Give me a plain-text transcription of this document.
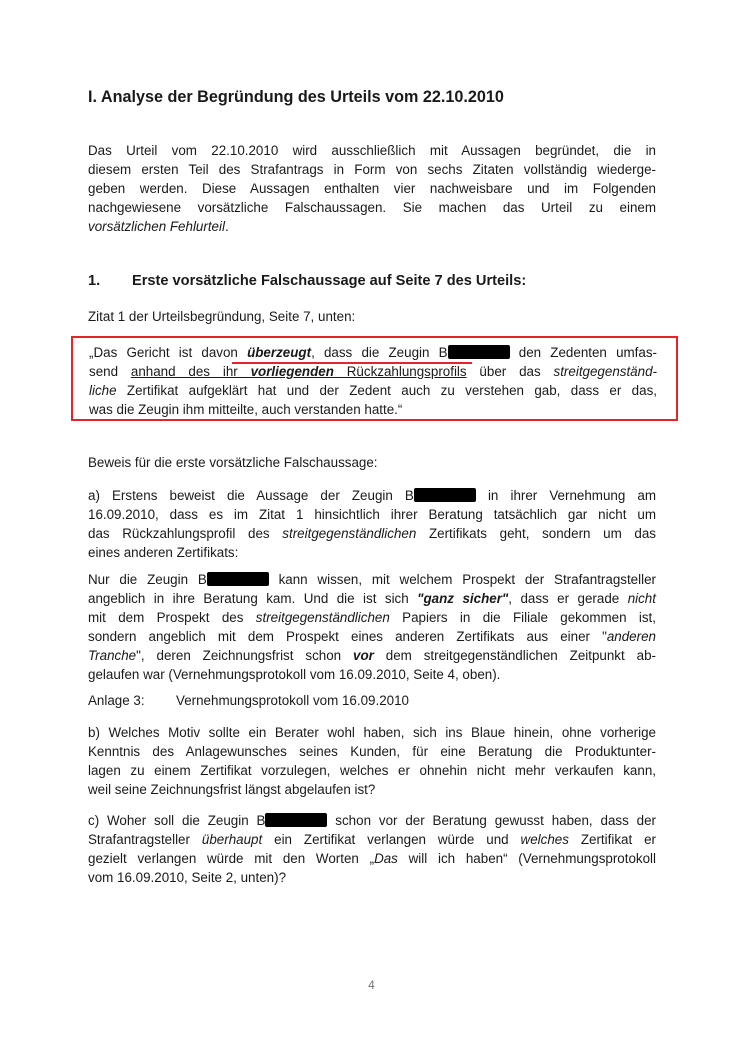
I. Analyse der Begründung des Urteils vom 22.10.2010
Das Urteil vom 22.10.2010 wird ausschließlich mit Aussagen begründet, die in
diesem ersten Teil des Strafantrags in Form von sechs Zitaten vollständig wiederge-
geben werden. Diese Aussagen enthalten vier nachweisbare und im Folgenden
nachgewiesene vorsätzliche Falschaussagen. Sie machen das Urteil zu einem
vorsätzlichen Fehlurteil.
1. Erste vorsätzliche Falschaussage auf Seite 7 des Urteils:
Zitat 1 der Urteilsbegründung, Seite 7, unten:
„Das Gericht ist davon überzeugt, dass die Zeugin B	den Zedenten umfas-
send anhand des ihr vorliegenden Rückzahlungsprofils über das streitgegenständ-
liche Zertifikat aufgeklärt hat und der Zedent auch zu verstehen gab, dass er das,
was die Zeugin ihm mitteilte, auch verstanden hatte.“
Beweis für die erste vorsätzliche Falschaussage:
a) Erstens beweist die Aussage der Zeugin B	in ihrer Vernehmung am
16.09.2010, dass es im Zitat 1 hinsichtlich ihrer Beratung tatsächlich gar nicht um
das Rückzahlungsprofil des streitgegenständlichen Zertifikats geht, sondern um das
eines anderen Zertifikats:
Nur die Zeugin B	kann wissen, mit welchem Prospekt der Strafantragsteller
angeblich in ihre Beratung kam. Und die ist sich "ganz sicher", dass er gerade nicht
mit dem Prospekt des streitgegenständlichen Papiers in die Filiale gekommen ist,
sondern angeblich mit dem Prospekt eines anderen Zertifikats aus einer "anderen
Tranche", deren Zeichnungsfrist schon vor dem streitgegenständlichen Zeitpunkt ab-
gelaufen war (Vernehmungsprotokoll vom 16.09.2010, Seite 4, oben).
Anlage 3: Vernehmungsprotokoll vom 16.09.2010
b) Welches Motiv sollte ein Berater wohl haben, sich ins Blaue hinein, ohne vorherige
Kenntnis des Anlagewunsches seines Kunden, für eine Beratung die Produktunter-
lagen zu einem Zertifikat vorzulegen, welches er ohnehin nicht mehr verkaufen kann,
weil seine Zeichnungsfrist längst abgelaufen ist?
c) Woher soll die Zeugin B	schon vor der Beratung gewusst haben, dass der
Strafantragsteller überhaupt ein Zertifikat verlangen würde und welches Zertifikat er
gezielt verlangen würde mit den Worten „Das will ich haben“ (Vernehmungsprotokoll
vom 16.09.2010, Seite 2, unten)?
4
